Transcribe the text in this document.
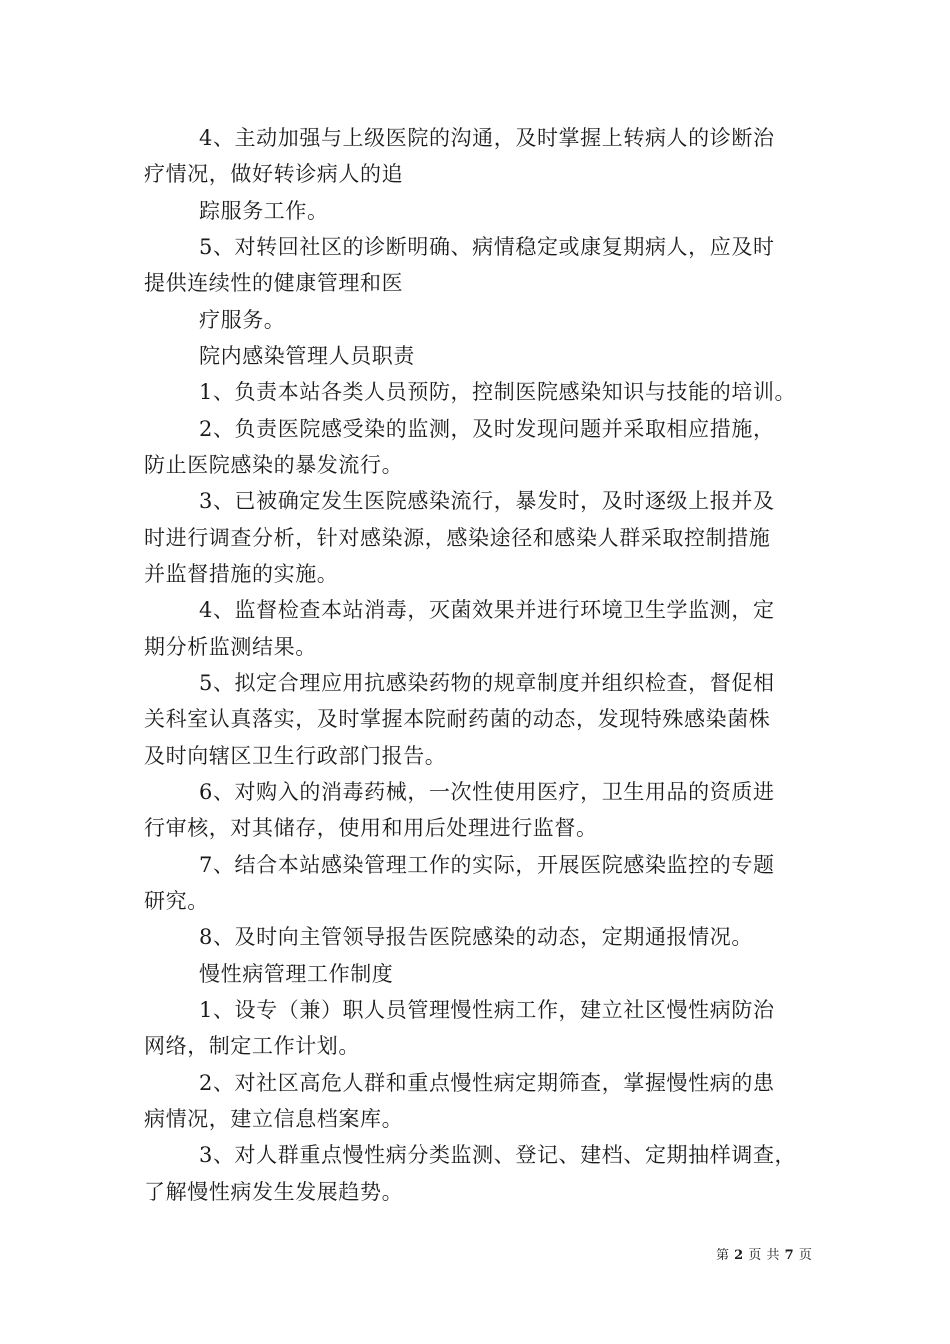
4、主动加强与上级医院的沟通，及时掌握上转病人的诊断治
疗情况，做好转诊病人的追
踪服务工作。
5、对转回社区的诊断明确、病情稳定或康复期病人，应及时
提供连续性的健康管理和医
疗服务。
院内感染管理人员职责
1、负责本站各类人员预防，控制医院感染知识与技能的培训。
2、负责医院感受染的监测，及时发现问题并采取相应措施，
防止医院感染的暴发流行。
3、已被确定发生医院感染流行，暴发时，及时逐级上报并及
时进行调查分析，针对感染源，感染途径和感染人群采取控制措施
并监督措施的实施。
4、监督检查本站消毒，灭菌效果并进行环境卫生学监测，定
期分析监测结果。
5、拟定合理应用抗感染药物的规章制度并组织检查，督促相
关科室认真落实，及时掌握本院耐药菌的动态，发现特殊感染菌株
及时向辖区卫生行政部门报告。
6、对购入的消毒药械，一次性使用医疗，卫生用品的资质进
行审核，对其储存，使用和用后处理进行监督。
7、结合本站感染管理工作的实际，开展医院感染监控的专题
研究。
8、及时向主管领导报告医院感染的动态，定期通报情况。
慢性病管理工作制度
1、设专（兼）职人员管理慢性病工作，建立社区慢性病防治
网络，制定工作计划。
2、对社区高危人群和重点慢性病定期筛查，掌握慢性病的患
病情况，建立信息档案库。
3、对人群重点慢性病分类监测、登记、建档、定期抽样调查，
了解慢性病发生发展趋势。
第 2 页 共 7 页
